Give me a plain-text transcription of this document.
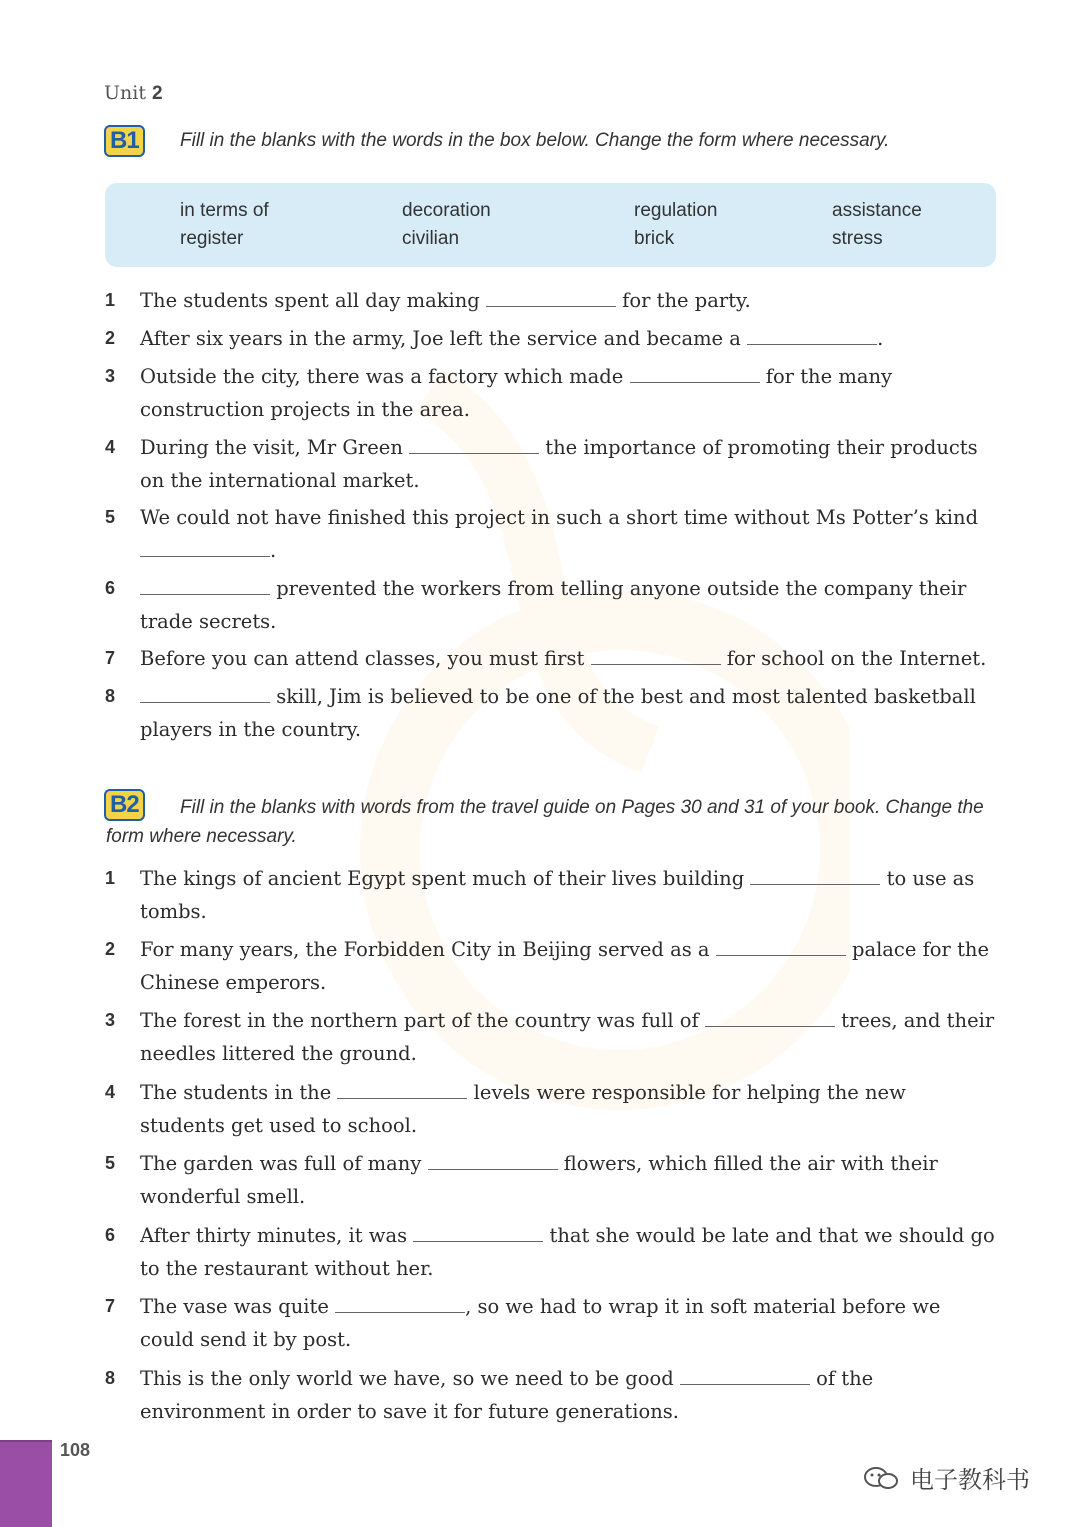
Unit 2
B1	Fill in the blanks with the words in the box below. Change the form where necessary.
in terms of	decoration	regulation	assistance
register	civilian	brick	stress
1 The students spent all day making	for the party.
2 After six years in the army, Joe left the service and became a	.
3 Outside the city, there was a factory which made	for the many construction projects in the area.
4 During the visit, Mr Green	the importance of promoting their products on the international market.
5 We could not have finished this project in such a short time without Ms Potter’s kind .
6	prevented the workers from telling anyone outside the company their trade secrets.
7 Before you can attend classes, you must first	for school on the Internet.
8	skill, Jim is believed to be one of the best and most talented basketball players in the country.
B2	Fill in the blanks with words from the travel guide on Pages 30 and 31 of your book. Change the form where necessary.
1 The kings of ancient Egypt spent much of their lives building	to use as tombs.
2 For many years, the Forbidden City in Beijing served as a	palace for the Chinese emperors.
3 The forest in the northern part of the country was full of	trees, and their needles littered the ground.
4 The students in the	levels were responsible for helping the new students get used to school.
5 The garden was full of many	flowers, which filled the air with their wonderful smell.
6 After thirty minutes, it was	that she would be late and that we should go to the restaurant without her.
7 The vase was quite	, so we had to wrap it in soft material before we could send it by post.
8 This is the only world we have, so we need to be good	of the environment in order to save it for future generations.
108
电子教科书
